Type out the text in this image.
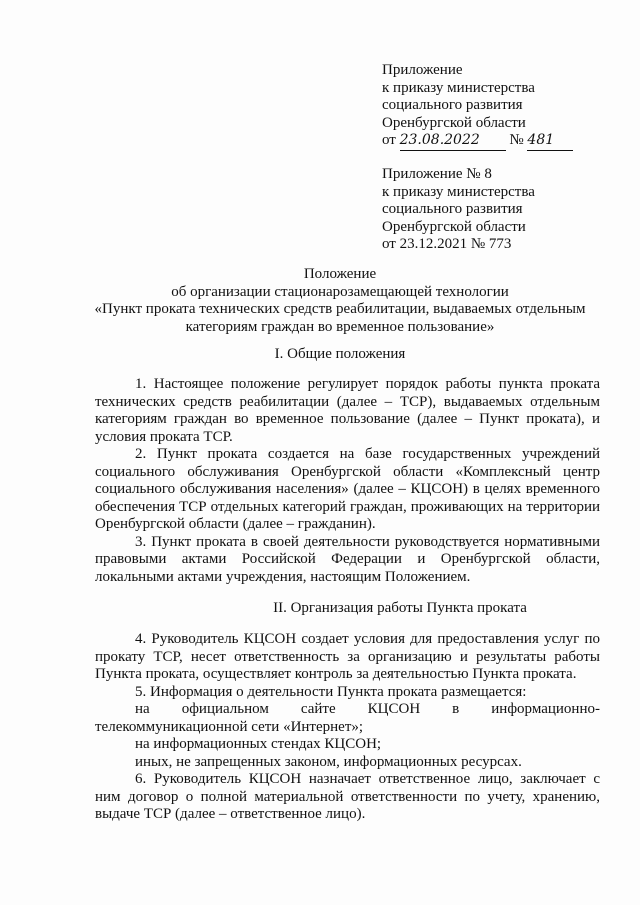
Приложение
к приказу министерства
социального развития
Оренбургской области
от 23.08.2022 № 481
Приложение № 8
к приказу министерства
социального развития
Оренбургской области
от 23.12.2021 № 773
Положение
об организации стационарозамещающей технологии
«Пункт проката технических средств реабилитации, выдаваемых отдельным
категориям граждан во временное пользование»
I. Общие положения

1. Настоящее положение регулирует порядок работы пункта проката технических средств реабилитации (далее – ТСР), выдаваемых отдельным категориям граждан во временное пользование (далее – Пункт проката), и условия проката ТСР.

2. Пункт проката создается на базе государственных учреждений социального обслуживания Оренбургской области «Комплексный центр социального обслуживания населения» (далее – КЦСОН) в целях временного обеспечения ТСР отдельных категорий граждан, проживающих на территории Оренбургской области (далее – гражданин).

3. Пункт проката в своей деятельности руководствуется нормативными правовыми актами Российской Федерации и Оренбургской области, локальными актами учреждения, настоящим Положением.

II. Организация работы Пункта проката

4. Руководитель КЦСОН создает условия для предоставления услуг по прокату ТСР, несет ответственность за организацию и результаты работы Пункта проката, осуществляет контроль за деятельностью Пункта проката.

5. Информация о деятельности Пункта проката размещается:

на официальном сайте КЦСОН в информационно-
телекоммуникационной сети «Интернет»;

на информационных стендах КЦСОН;

иных, не запрещенных законом, информационных ресурсах.

6. Руководитель КЦСОН назначает ответственное лицо, заключает с ним договор о полной материальной ответственности по учету, хранению, выдаче ТСР (далее – ответственное лицо).
